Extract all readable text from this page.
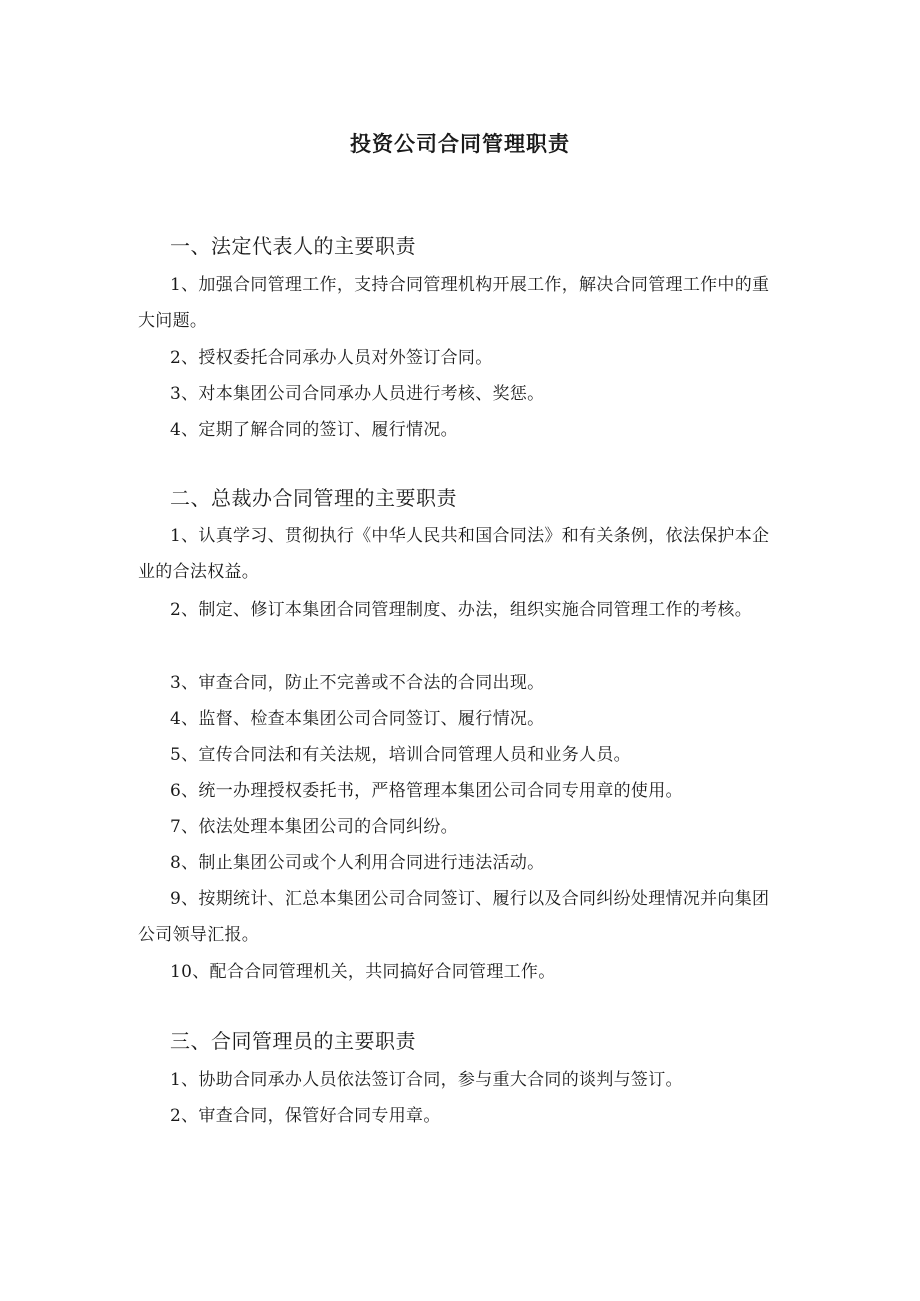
投资公司合同管理职责
一、法定代表人的主要职责

1、加强合同管理工作，支持合同管理机构开展工作，解决合同管理工作中的重大问题。

2、授权委托合同承办人员对外签订合同。

3、对本集团公司合同承办人员进行考核、奖惩。

4、定期了解合同的签订、履行情况。

二、总裁办合同管理的主要职责

1、认真学习、贯彻执行《中华人民共和国合同法》和有关条例，依法保护本企业的合法权益。

2、制定、修订本集团合同管理制度、办法，组织实施合同管理工作的考核。

3、审查合同，防止不完善或不合法的合同出现。

4、监督、检查本集团公司合同签订、履行情况。

5、宣传合同法和有关法规，培训合同管理人员和业务人员。

6、统一办理授权委托书，严格管理本集团公司合同专用章的使用。

7、依法处理本集团公司的合同纠纷。

8、制止集团公司或个人利用合同进行违法活动。

9、按期统计、汇总本集团公司合同签订、履行以及合同纠纷处理情况并向集团公司领导汇报。

10、配合合同管理机关，共同搞好合同管理工作。

三、合同管理员的主要职责

1、协助合同承办人员依法签订合同，参与重大合同的谈判与签订。

2、审查合同，保管好合同专用章。
